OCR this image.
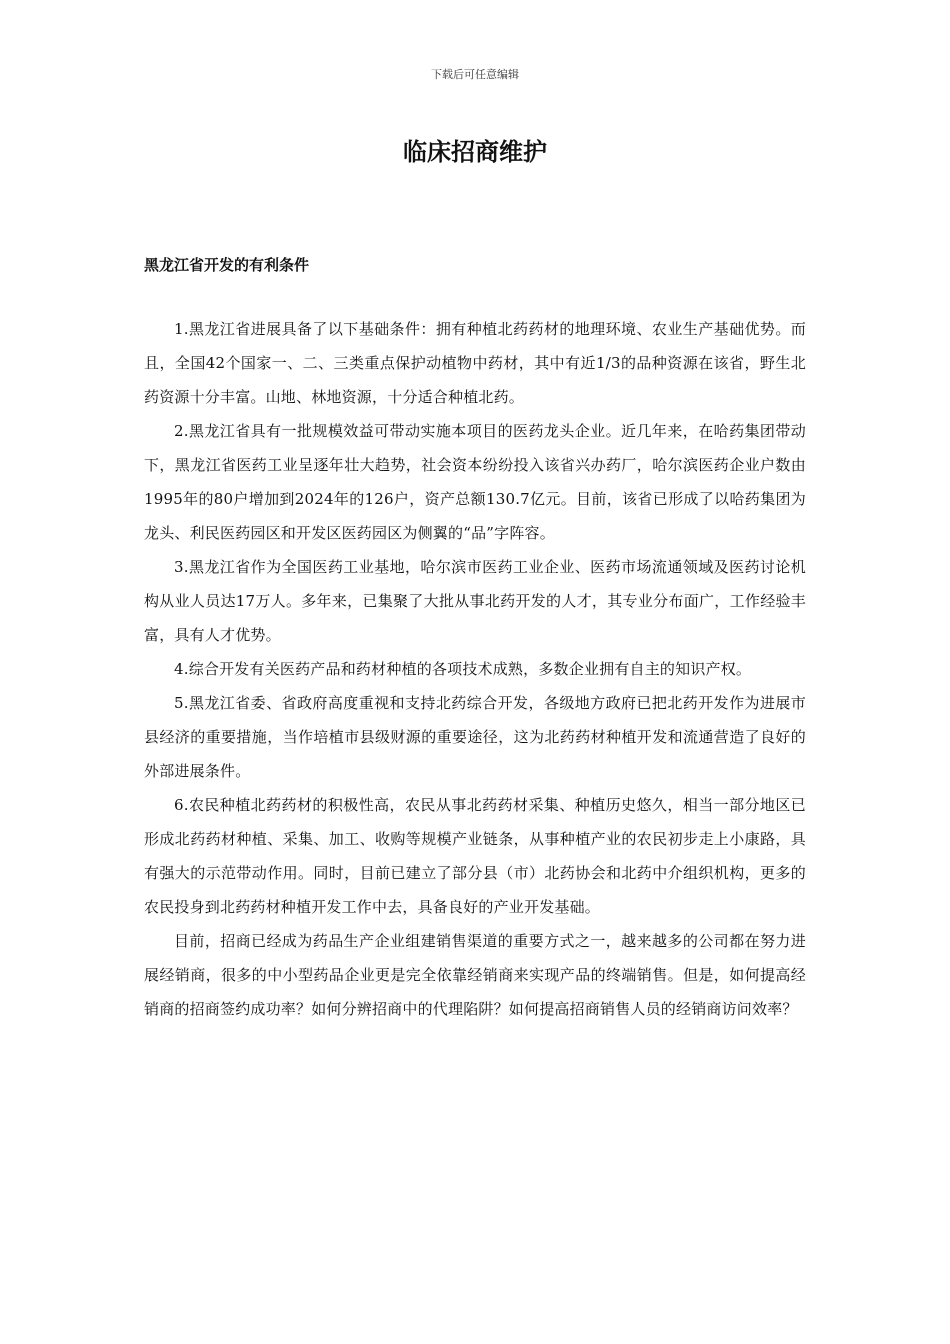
下载后可任意编辑
临床招商维护
黑龙江省开发的有利条件

1.黑龙江省进展具备了以下基础条件：拥有种植北药药材的地理环境、农业生产基础优势。而且，全国42个国家一、二、三类重点保护动植物中药材，其中有近1/3的品种资源在该省，野生北药资源十分丰富。山地、林地资源，十分适合种植北药。

2.黑龙江省具有一批规模效益可带动实施本项目的医药龙头企业。近几年来，在哈药集团带动下，黑龙江省医药工业呈逐年壮大趋势，社会资本纷纷投入该省兴办药厂，哈尔滨医药企业户数由1995年的80户增加到2024年的126户，资产总额130.7亿元。目前，该省已形成了以哈药集团为龙头、利民医药园区和开发区医药园区为侧翼的“品”字阵容。

3.黑龙江省作为全国医药工业基地，哈尔滨市医药工业企业、医药市场流通领域及医药讨论机构从业人员达17万人。多年来，已集聚了大批从事北药开发的人才，其专业分布面广，工作经验丰富，具有人才优势。

4.综合开发有关医药产品和药材种植的各项技术成熟，多数企业拥有自主的知识产权。

5.黑龙江省委、省政府高度重视和支持北药综合开发，各级地方政府已把北药开发作为进展市县经济的重要措施，当作培植市县级财源的重要途径，这为北药药材种植开发和流通营造了良好的外部进展条件。

6.农民种植北药药材的积极性高，农民从事北药药材采集、种植历史悠久，相当一部分地区已形成北药药材种植、采集、加工、收购等规模产业链条，从事种植产业的农民初步走上小康路，具有强大的示范带动作用。同时，目前已建立了部分县（市）北药协会和北药中介组织机构，更多的农民投身到北药药材种植开发工作中去，具备良好的产业开发基础。

目前，招商已经成为药品生产企业组建销售渠道的重要方式之一，越来越多的公司都在努力进展经销商，很多的中小型药品企业更是完全依靠经销商来实现产品的终端销售。但是，如何提高经销商的招商签约成功率？如何分辨招商中的代理陷阱？如何提高招商销售人员的经销商访问效率？
